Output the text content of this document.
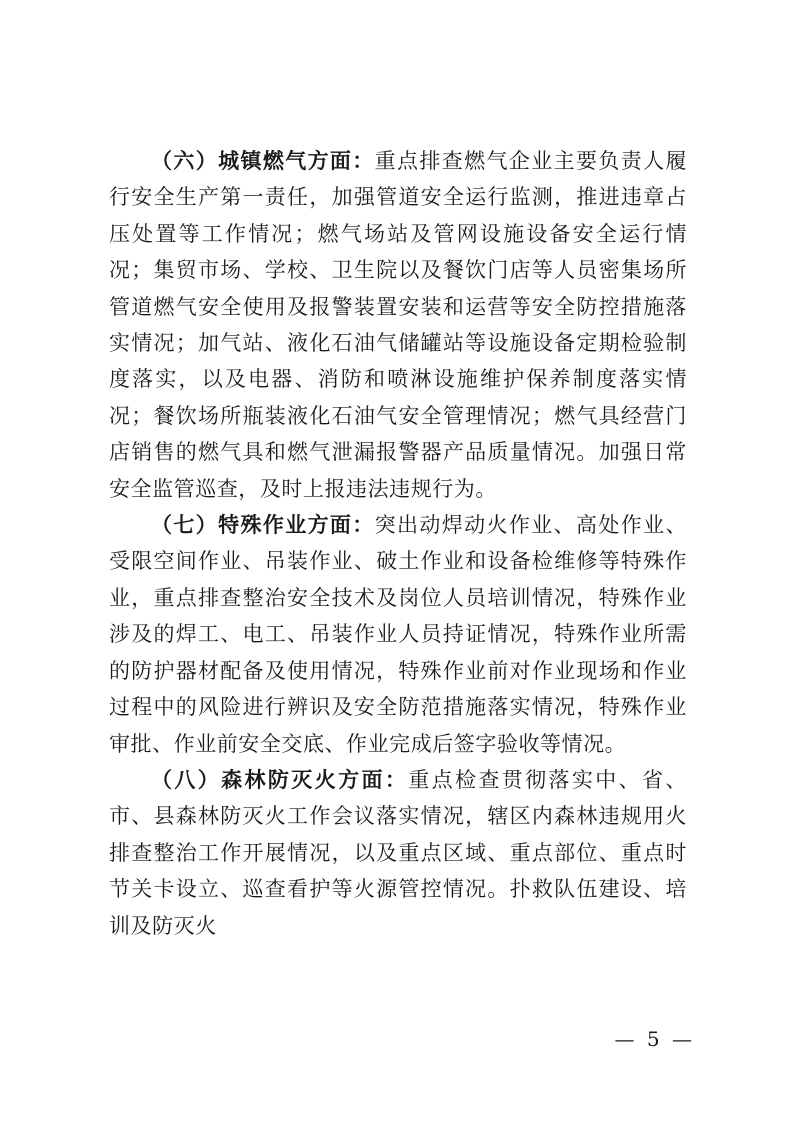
（六）城镇燃气方面：重点排查燃气企业主要负责人履行安全生产第一责任，加强管道安全运行监测，推进违章占压处置等工作情况；燃气场站及管网设施设备安全运行情况；集贸市场、学校、卫生院以及餐饮门店等人员密集场所管道燃气安全使用及报警装置安装和运营等安全防控措施落实情况；加气站、液化石油气储罐站等设施设备定期检验制度落实，以及电器、消防和喷淋设施维护保养制度落实情况；餐饮场所瓶装液化石油气安全管理情况；燃气具经营门店销售的燃气具和燃气泄漏报警器产品质量情况。加强日常安全监管巡查，及时上报违法违规行为。

（七）特殊作业方面：突出动焊动火作业、高处作业、受限空间作业、吊装作业、破土作业和设备检维修等特殊作业，重点排查整治安全技术及岗位人员培训情况，特殊作业涉及的焊工、电工、吊装作业人员持证情况，特殊作业所需的防护器材配备及使用情况，特殊作业前对作业现场和作业过程中的风险进行辨识及安全防范措施落实情况，特殊作业审批、作业前安全交底、作业完成后签字验收等情况。

（八）森林防灭火方面：重点检查贯彻落实中、省、市、县森林防灭火工作会议落实情况，辖区内森林违规用火排查整治工作开展情况，以及重点区域、重点部位、重点时节关卡设立、巡查看护等火源管控情况。扑救队伍建设、培训及防灭火

— 5 —
